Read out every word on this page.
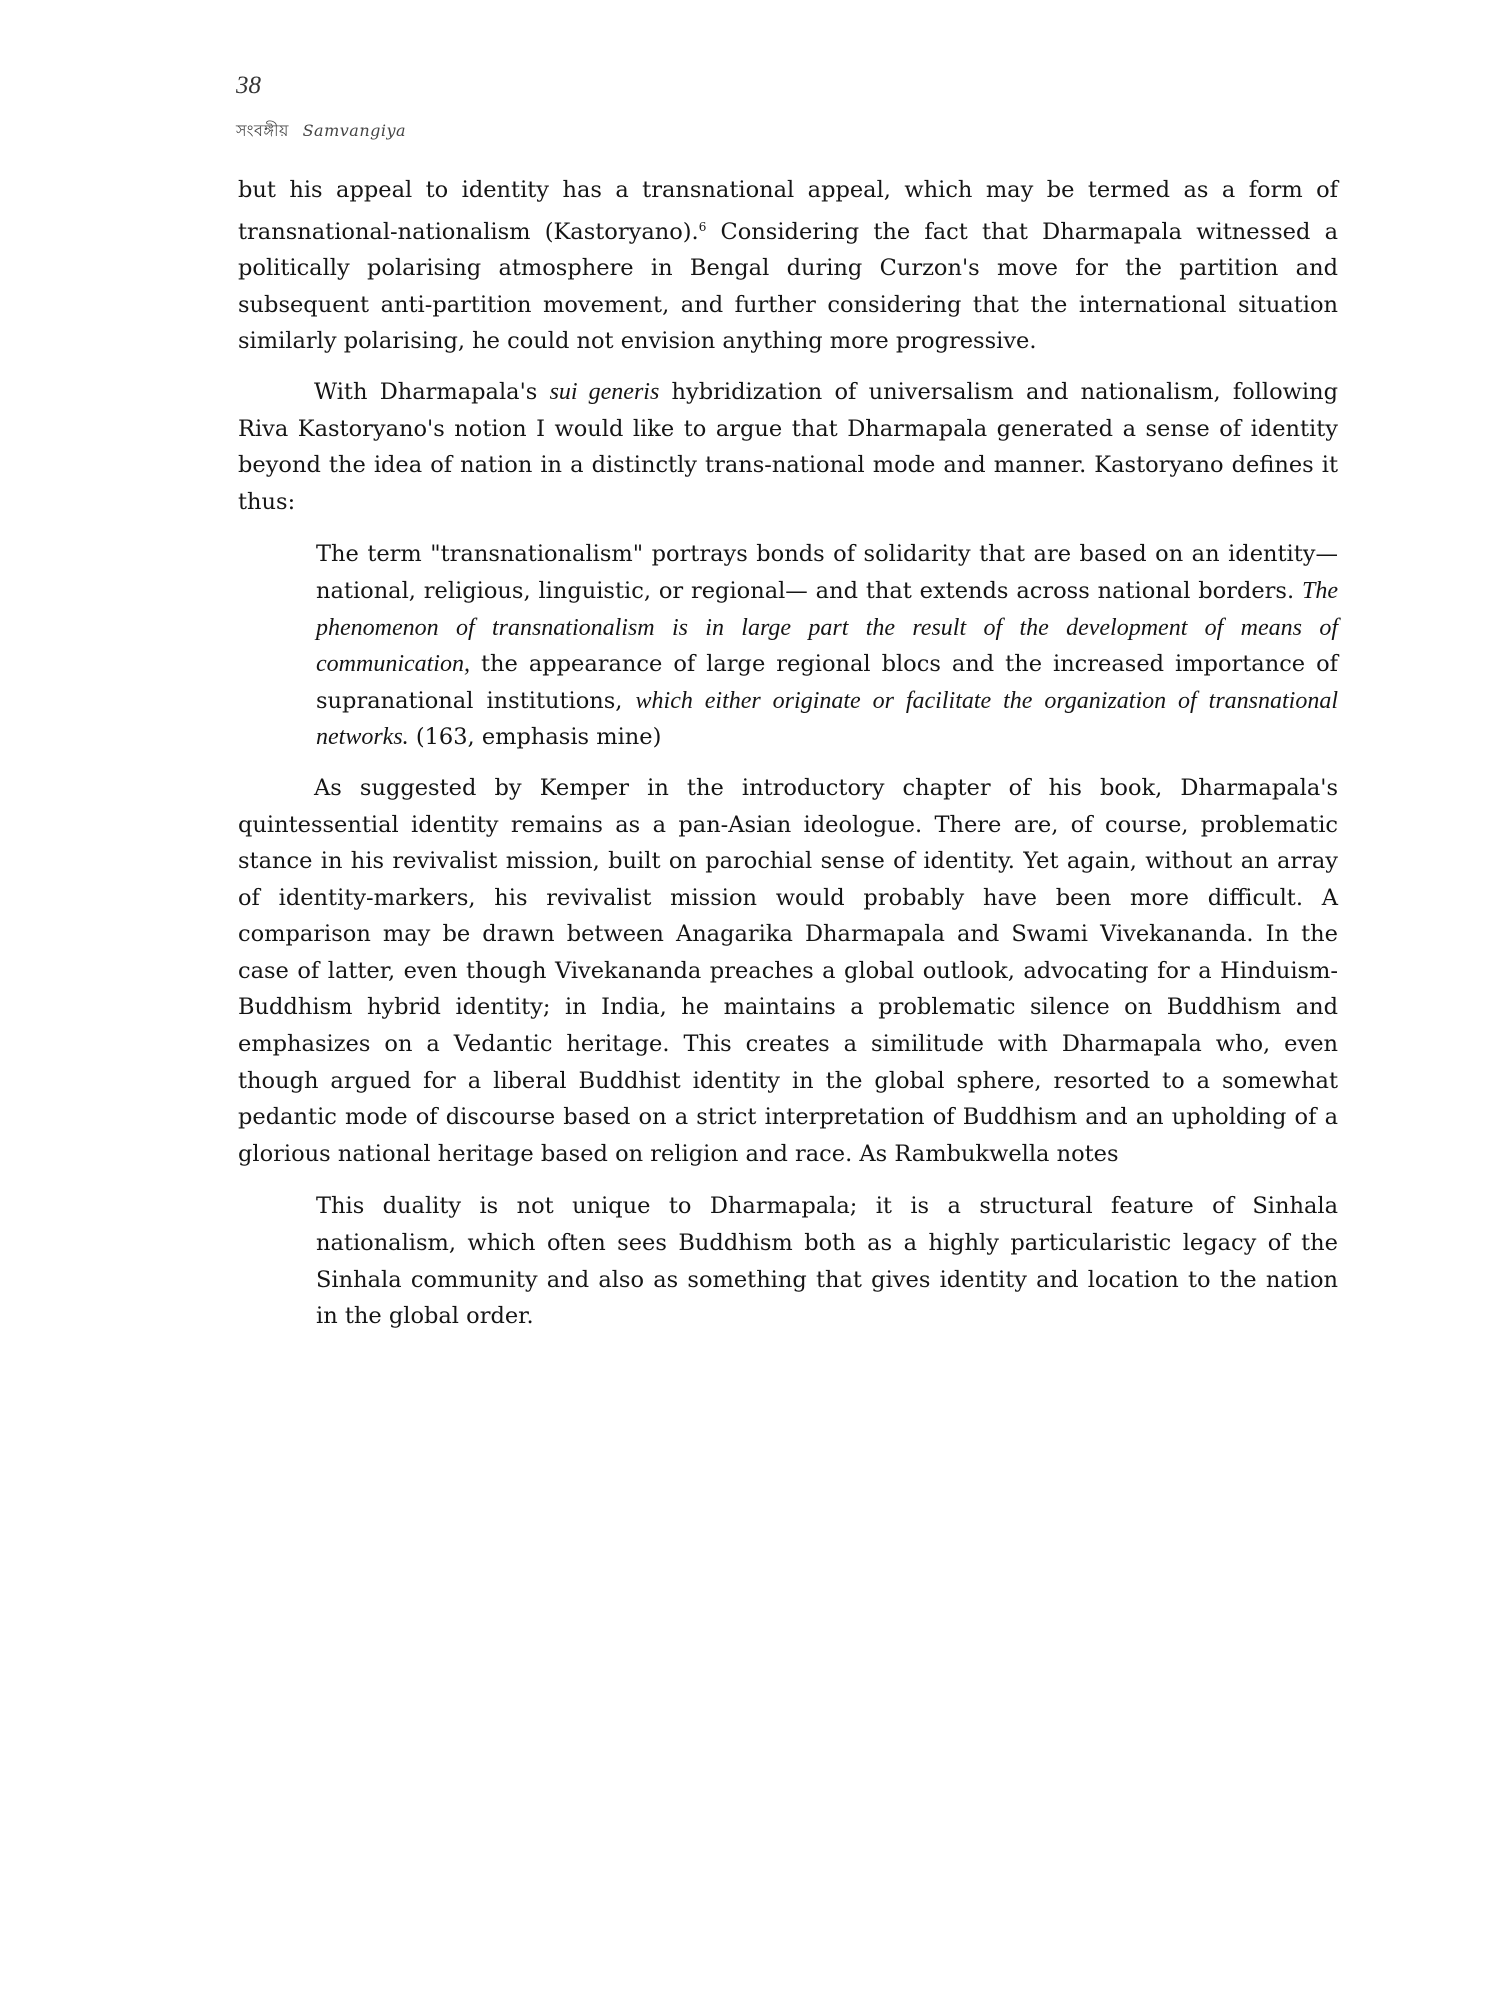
38
সংবঙ্গীয় Samvangiya

but his appeal to identity has a transnational appeal, which may be termed as a form of transnational-nationalism (Kastoryano).$^6$ Considering the fact that Dharmapala witnessed a politically polarising atmosphere in Bengal during Curzon's move for the partition and subsequent anti-partition movement, and further considering that the international situation similarly polarising, he could not envision anything more progressive.

With Dharmapala's sui generis hybridization of universalism and nationalism, following Riva Kastoryano's notion I would like to argue that Dharmapala generated a sense of identity beyond the idea of nation in a distinctly trans-national mode and manner. Kastoryano defines it thus:

The term "transnationalism" portrays bonds of solidarity that are based on an identity— national, religious, linguistic, or regional— and that extends across national borders. The phenomenon of transnationalism is in large part the result of the development of means of communication, the appearance of large regional blocs and the increased importance of supranational institutions, which either originate or facilitate the organization of transnational networks. (163, emphasis mine)

As suggested by Kemper in the introductory chapter of his book, Dharmapala's quintessential identity remains as a pan-Asian ideologue. There are, of course, problematic stance in his revivalist mission, built on parochial sense of identity. Yet again, without an array of identity-markers, his revivalist mission would probably have been more difficult. A comparison may be drawn between Anagarika Dharmapala and Swami Vivekananda. In the case of latter, even though Vivekananda preaches a global outlook, advocating for a Hinduism-Buddhism hybrid identity; in India, he maintains a problematic silence on Buddhism and emphasizes on a Vedantic heritage. This creates a similitude with Dharmapala who, even though argued for a liberal Buddhist identity in the global sphere, resorted to a somewhat pedantic mode of discourse based on a strict interpretation of Buddhism and an upholding of a glorious national heritage based on religion and race. As Rambukwella notes

This duality is not unique to Dharmapala; it is a structural feature of Sinhala nationalism, which often sees Buddhism both as a highly particularistic legacy of the Sinhala community and also as something that gives identity and location to the nation in the global order.
